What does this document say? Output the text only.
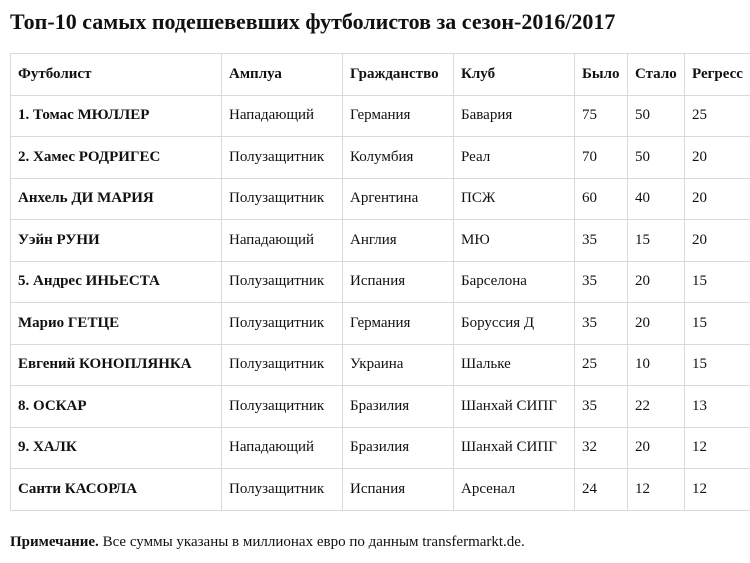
Топ-10 самых подешевевших футболистов за сезон-2016/2017
Футболист	Амплуа	Гражданство	Клуб	Было	Стало	Регресс
1. Томас МЮЛЛЕР	Нападающий	Германия	Бавария	75	50	25
2. Хамес РОДРИГЕС	Полузащитник	Колумбия	Реал	70	50	20
Анхель ДИ МАРИЯ	Полузащитник	Аргентина	ПСЖ	60	40	20
Уэйн РУНИ	Нападающий	Англия	МЮ	35	15	20
5. Андрес ИНЬЕСТА	Полузащитник	Испания	Барселона	35	20	15
Марио ГЕТЦЕ	Полузащитник	Германия	Боруссия Д	35	20	15
Евгений КОНОПЛЯНКА	Полузащитник	Украина	Шальке	25	10	15
8. ОСКАР	Полузащитник	Бразилия	Шанхай СИПГ	35	22	13
9. ХАЛК	Нападающий	Бразилия	Шанхай СИПГ	32	20	12
Санти КАСОРЛА	Полузащитник	Испания	Арсенал	24	12	12

Примечание. Все суммы указаны в миллионах евро по данным transfermarkt.de.
